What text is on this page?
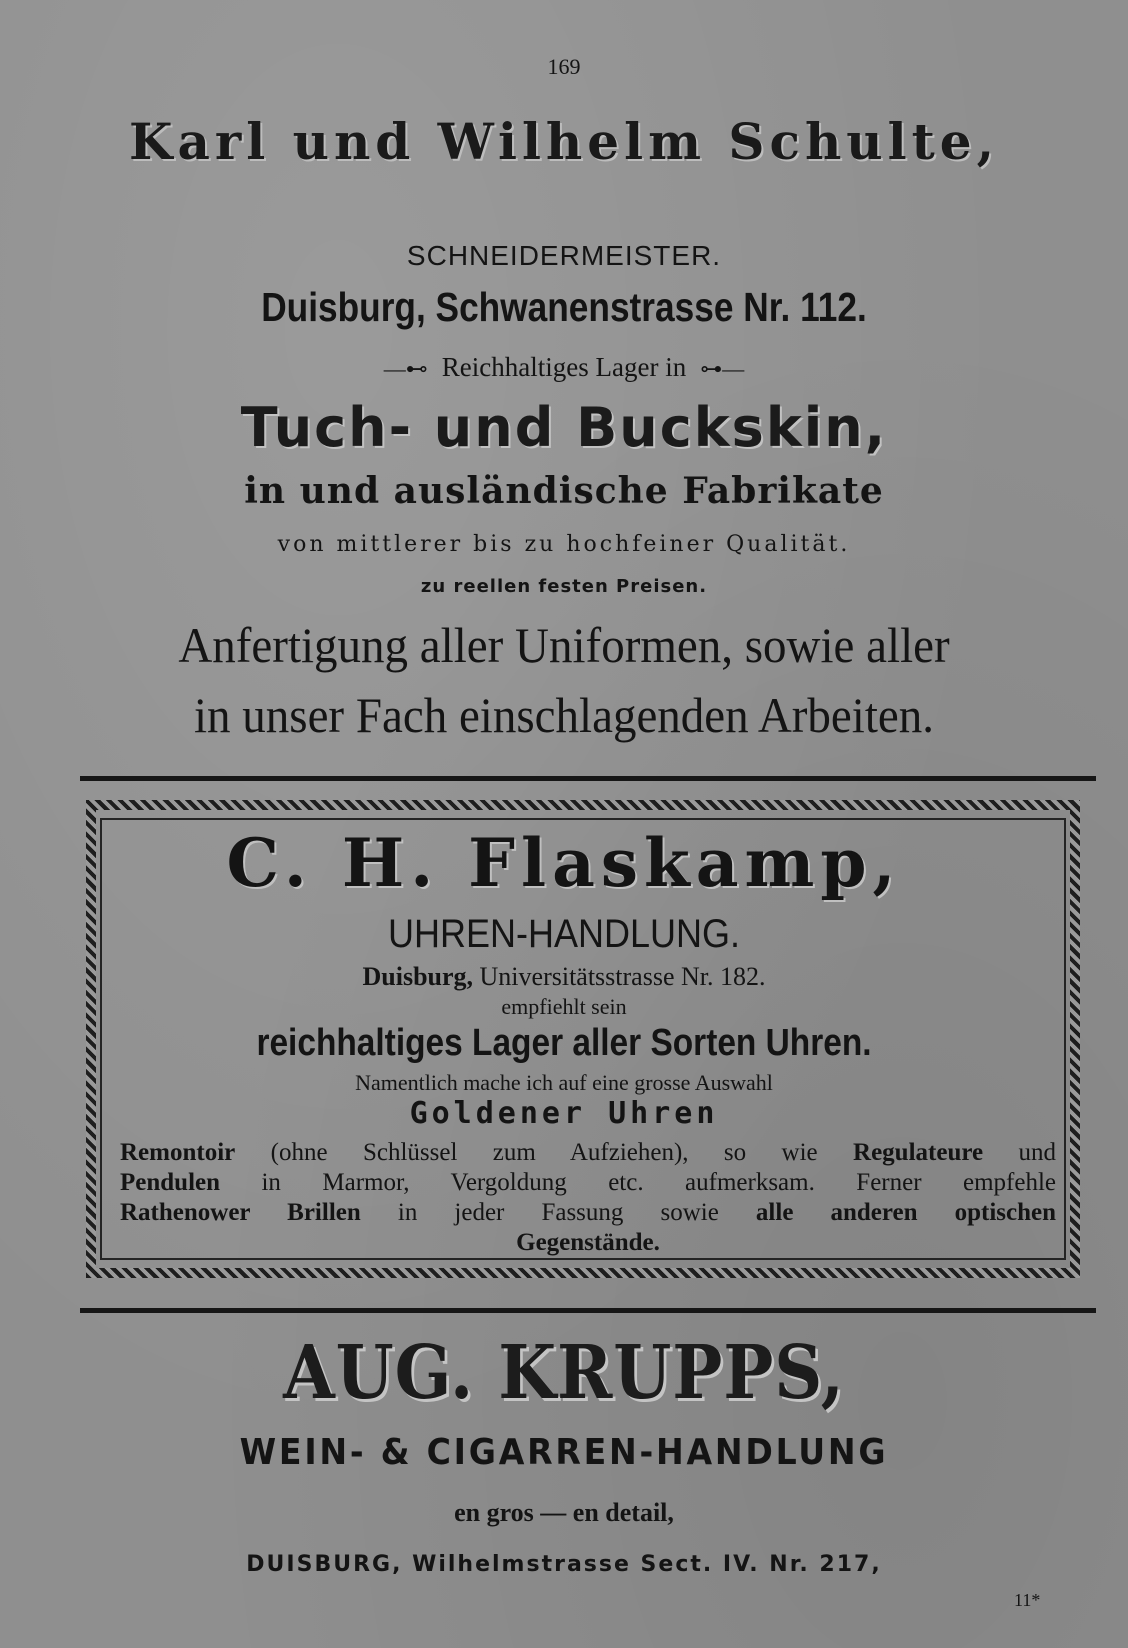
169
Karl und Wilhelm Schulte,
SCHNEIDERMEISTER.
Duisburg, Schwanenstrasse Nr. 112.
—⊷ Reichhaltiges Lager in ⊶—
Tuch- und Buckskin,
in und ausländische Fabrikate
von mittlerer bis zu hochfeiner Qualität.
zu reellen festen Preisen.
Anfertigung aller Uniformen, sowie aller
in unser Fach einschlagenden Arbeiten.
C. H. Flaskamp,
UHREN-HANDLUNG.
Duisburg, Universitätsstrasse Nr. 182.
empfiehlt sein
reichhaltiges Lager aller Sorten Uhren.
Namentlich mache ich auf eine grosse Auswahl
Goldener Uhren
Remontoir (ohne Schlüssel zum Aufziehen), so wie Regulateure und
Pendulen in Marmor, Vergoldung etc. aufmerksam. Ferner empfehle
Rathenower Brillen in jeder Fassung sowie alle anderen optischen
Gegenstände.
AUG. KRUPPS,
WEIN- & CIGARREN-HANDLUNG
en gros — en detail,
DUISBURG, Wilhelmstrasse Sect. IV. Nr. 217,
11*
